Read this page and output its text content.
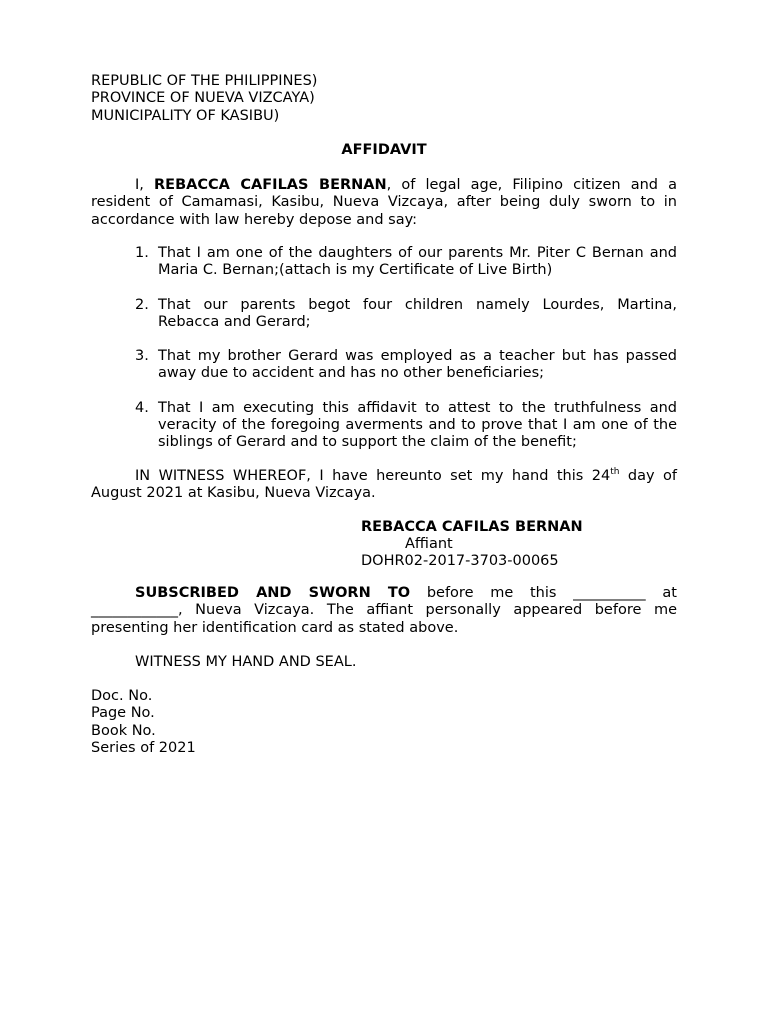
REPUBLIC OF THE PHILIPPINES)
PROVINCE OF NUEVA VIZCAYA)
MUNICIPALITY OF KASIBU)
AFFIDAVIT
I, REBACCA CAFILAS BERNAN, of legal age, Filipino citizen and a resident of Camamasi, Kasibu, Nueva Vizcaya, after being duly sworn to in accordance with law hereby depose and say:
1. That I am one of the daughters of our parents Mr. Piter C Bernan and Maria C. Bernan;(attach is my Certificate of Live Birth)
2. That our parents begot four children namely Lourdes, Martina, Rebacca and Gerard;
3. That my brother Gerard was employed as a teacher but has passed away due to accident and has no other beneficiaries;
4. That I am executing this affidavit to attest to the truthfulness and veracity of the foregoing averments and to prove that I am one of the siblings of Gerard and to support the claim of the benefit;
IN WITNESS WHEREOF, I have hereunto set my hand this 24th day of August 2021 at Kasibu, Nueva Vizcaya.
REBACCA CAFILAS BERNAN
Affiant
DOHR02-2017-3703-00065
SUBSCRIBED AND SWORN TO before me this __________ at
____________, Nueva Vizcaya. The affiant personally appeared before me
presenting her identification card as stated above.
WITNESS MY HAND AND SEAL.
Doc. No.
Page No.
Book No.
Series of 2021
